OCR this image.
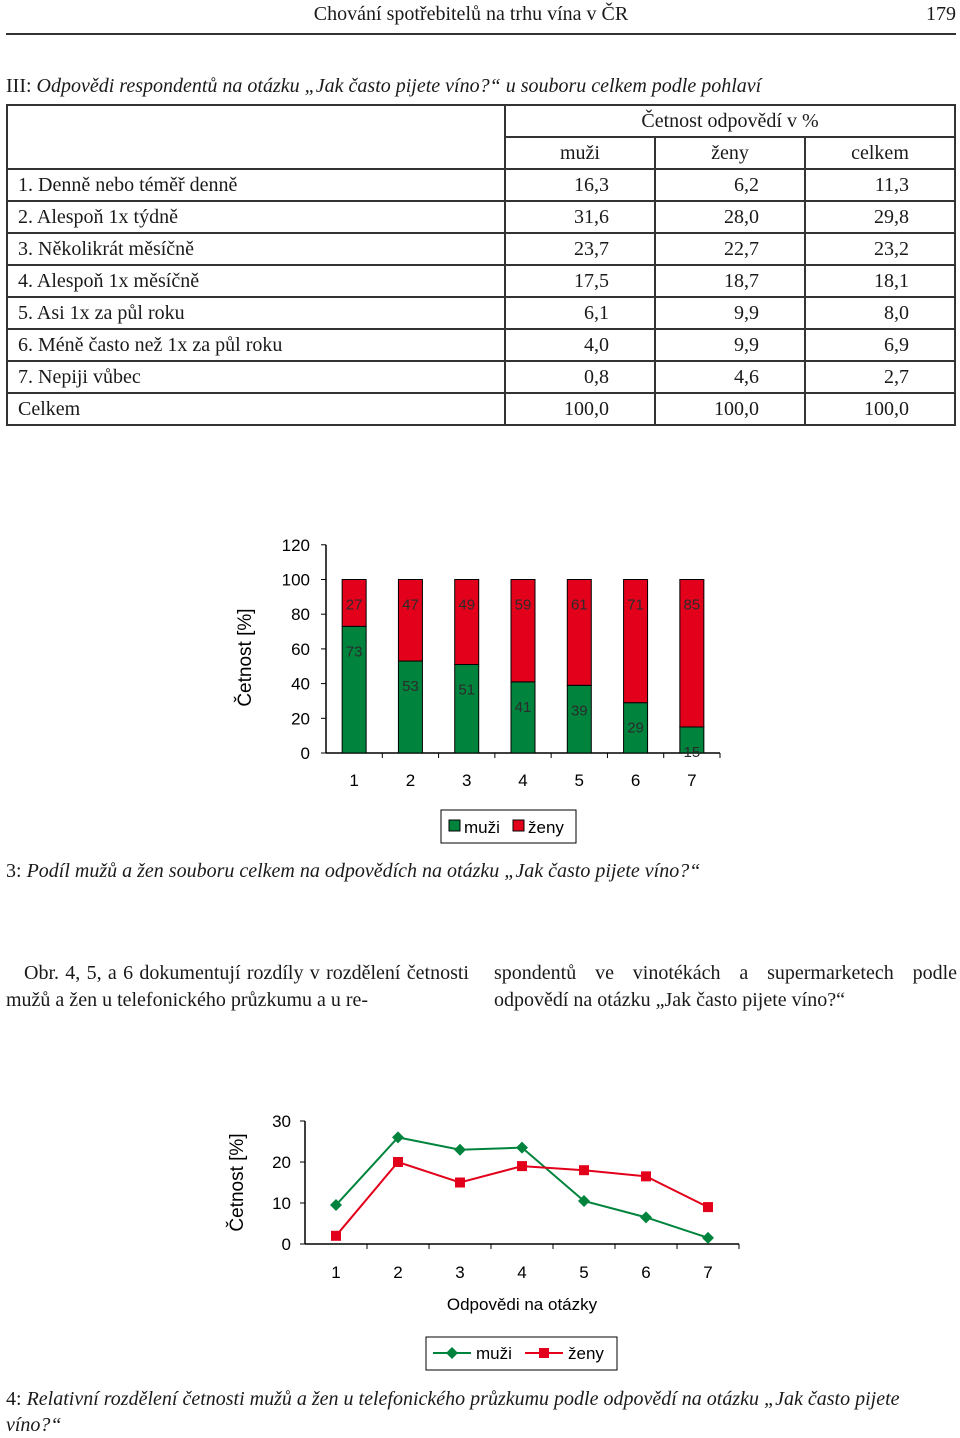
Chování spotřebitelů na trhu vína v ČR	179
III: Odpovědi respondentů na otázku „Jak často pijete víno?“ u souboru celkem podle pohlaví
	Četnost odpovědí v %		
	muži	ženy	celkem
1. Denně nebo téměř denně	16,3	6,2	11,3
2. Alespoň 1x týdně	31,6	28,0	29,8
3. Několikrát měsíčně	23,7	22,7	23,2
4. Alespoň 1x měsíčně	17,5	18,7	18,1
5. Asi 1x za půl roku	6,1	9,9	8,0
6. Méně často než 1x za půl roku	4,0	9,9	6,9
7. Nepiji vůbec	0,8	4,6	2,7
Celkem	100,0	100,0	100,0
0
20
40
60
80
100
120
Četnost [%]	73
27
1
53
47
2
51
49
3
41
59
4
39
61
5
29
71
6
15
85
7
muži ženy
3: Podíl mužů a žen souboru celkem na odpovědích na otázku „Jak často pijete víno?“
Obr. 4, 5, a 6 dokumentují rozdíly v rozdělení četnosti mužů a žen u telefonického průzkumu a u re-
spondentů ve vinotékách a supermarketech podle odpovědí na otázku „Jak často pijete víno?“
0
10
20
30
Četnost [%]
1	2	3	4	5	6	7
Odpovědi na otázky
muži	ženy
4: Relativní rozdělení četnosti mužů a žen u telefonického průzkumu podle odpovědí na otázku „Jak často pijete víno?“
